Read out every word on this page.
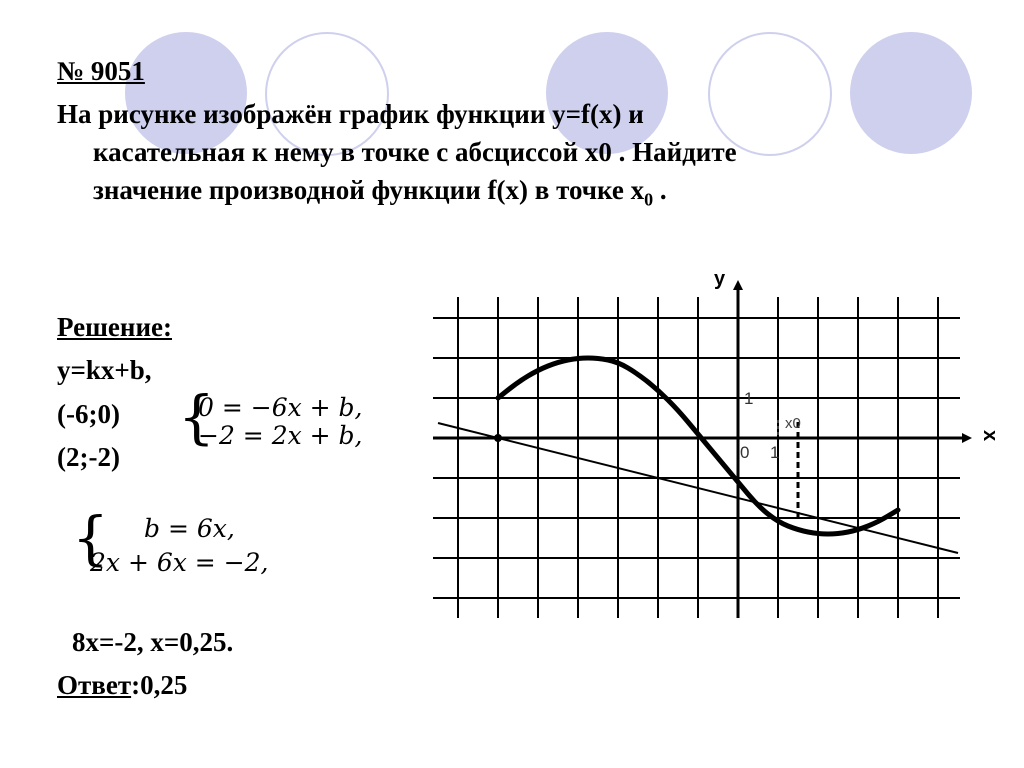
№ 9051
На рисунке изображён график функции y=f(x) и
касательная к нему в точке с абсциссой x0 . Найдите
значение производной функции f(x) в точке $x_0$ .
Решение:
y=kx+b,
(-6;0)
(2;-2)
{
0 = −6x + b,
−2 = 2x + b,
{ b = 6x,
2x + 6x = −2,
8x=-2, x=0,25.
Ответ:0,25
y
x
x0
1
1
0
